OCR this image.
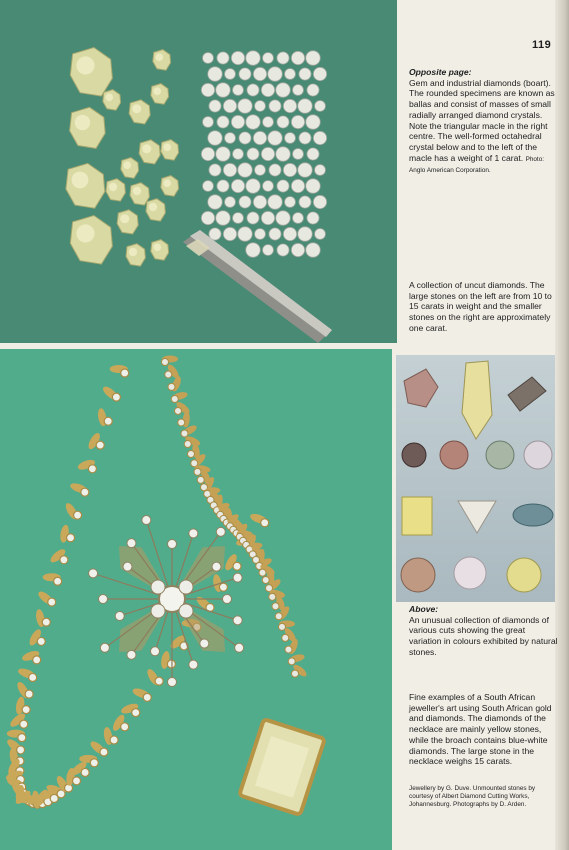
119
Opposite page:
Gem and industrial diamonds (boart). The rounded specimens are known as ballas and consist of masses of small radially arranged diamond crystals. Note the triangular macle in the right centre. The well-formed octahedral crystal below and to the left of the macle has a weight of 1 carat. Photo: Anglo American Corporation.
A collection of uncut diamonds. The large stones on the left are from 10 to 15 carats in weight and the smaller stones on the right are approximately one carat.
Above:
An unusual collection of diamonds of various cuts showing the great variation in colours exhibited by natural stones.
Fine examples of a South African jeweller's art using South African gold and diamonds. The diamonds of the necklace are mainly yellow stones, while the broach contains blue-white diamonds. The large stone in the necklace weighs 15 carats.
Jewellery by G. Duve. Unmounted stones by courtesy of Albert Diamond Cutting Works, Johannesburg. Photographs by D. Arden.
